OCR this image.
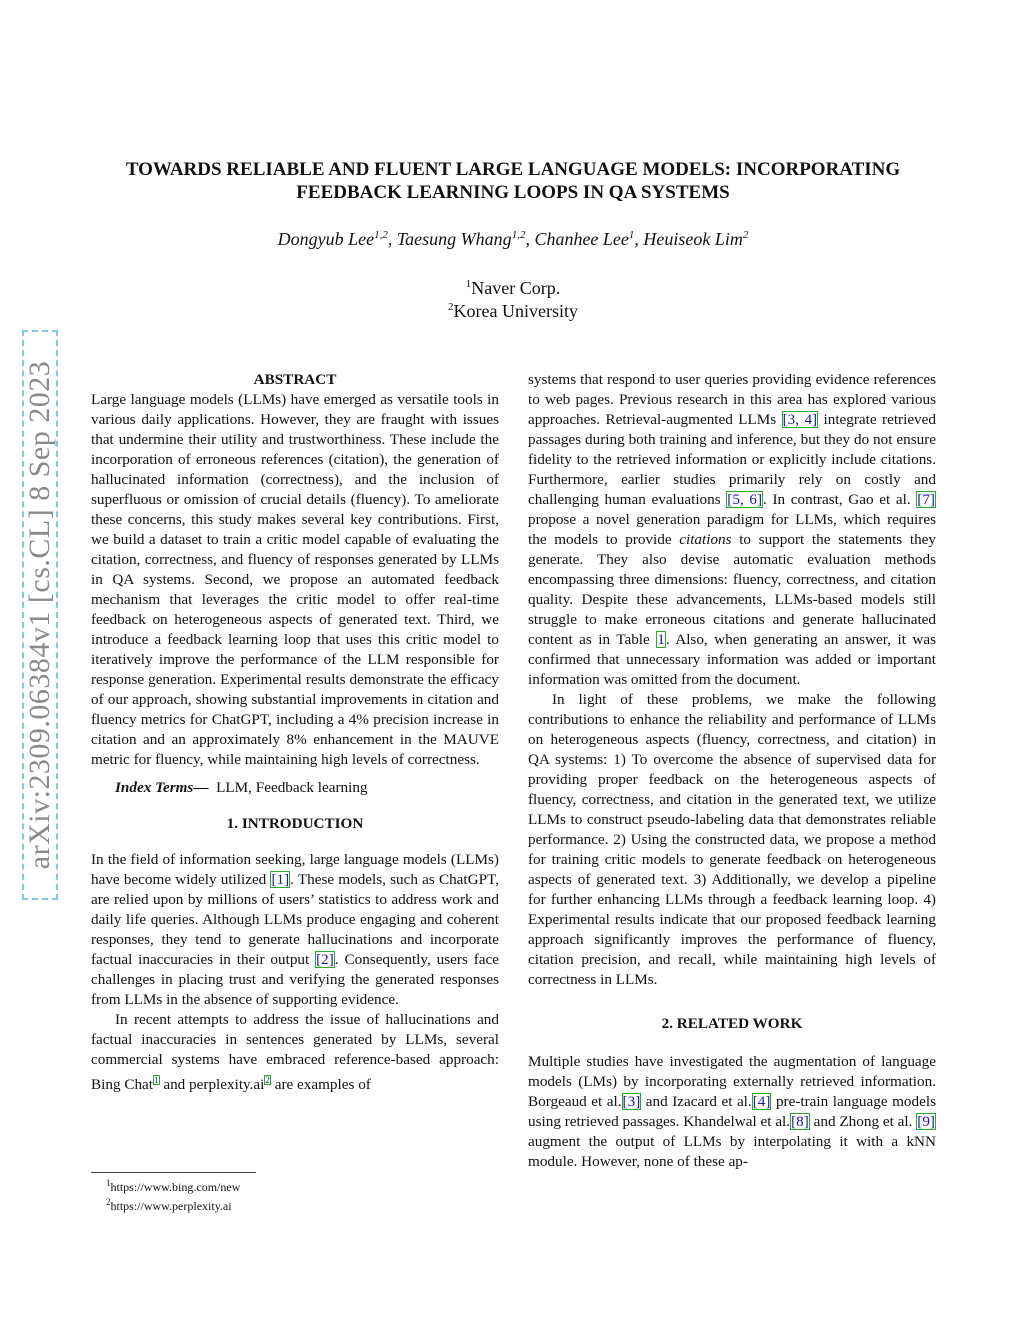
TOWARDS RELIABLE AND FLUENT LARGE LANGUAGE MODELS: INCORPORATING FEEDBACK LEARNING LOOPS IN QA SYSTEMS
Dongyub Lee$^{1,2}$, Taesung Whang$^{1,2}$, Chanhee Lee$^1$, Heuiseok Lim$^2$
$^1$Naver Corp.
$^2$Korea University
arXiv:2309.06384v1 [cs.CL] 8 Sep 2023	ABSTRACT

Large language models (LLMs) have emerged as versatile tools in various daily applications. However, they are fraught with issues that undermine their utility and trustworthiness. These include the incorporation of erroneous references (citation), the generation of hallucinated information (correctness), and the inclusion of superfluous or omission of crucial details (fluency). To ameliorate these concerns, this study makes several key contributions. First, we build a dataset to train a critic model capable of evaluating the citation, correctness, and fluency of responses generated by LLMs in QA systems. Second, we propose an automated feedback mechanism that leverages the critic model to offer real-time feedback on heterogeneous aspects of generated text. Third, we introduce a feedback learning loop that uses this critic model to iteratively improve the performance of the LLM responsible for response generation. Experimental results demonstrate the efficacy of our approach, showing substantial improvements in citation and fluency metrics for ChatGPT, including a 4% precision increase in citation and an approximately 8% enhancement in the MAUVE metric for fluency, while maintaining high levels of correctness.

Index Terms— LLM, Feedback learning

1. INTRODUCTION

In the field of information seeking, large language models (LLMs) have become widely utilized [1]. These models, such as ChatGPT, are relied upon by millions of users’ statistics to address work and daily life queries. Although LLMs produce engaging and coherent responses, they tend to generate hallucinations and incorporate factual inaccuracies in their output [2]. Consequently, users face challenges in placing trust and verifying the generated responses from LLMs in the absence of supporting evidence.

In recent attempts to address the issue of hallucinations and factual inaccuracies in sentences generated by LLMs, several commercial systems have embraced reference-based approach: Bing Chat$^1$ and perplexity.ai$^2$ are examples of

$^1$https://www.bing.com/new
$^2$https://www.perplexity.ai

systems that respond to user queries providing evidence references to web pages. Previous research in this area has explored various approaches. Retrieval-augmented LLMs [3, 4] integrate retrieved passages during both training and inference, but they do not ensure fidelity to the retrieved information or explicitly include citations. Furthermore, earlier studies primarily rely on costly and challenging human evaluations [5, 6]. In contrast, Gao et al. [7] propose a novel generation paradigm for LLMs, which requires the models to provide citations to support the statements they generate. They also devise automatic evaluation methods encompassing three dimensions: fluency, correctness, and citation quality. Despite these advancements, LLMs-based models still struggle to make erroneous citations and generate hallucinated content as in Table 1. Also, when generating an answer, it was confirmed that unnecessary information was added or important information was omitted from the document.

In light of these problems, we make the following contributions to enhance the reliability and performance of LLMs on heterogeneous aspects (fluency, correctness, and citation) in QA systems: 1) To overcome the absence of supervised data for providing proper feedback on the heterogeneous aspects of fluency, correctness, and citation in the generated text, we utilize LLMs to construct pseudo-labeling data that demonstrates reliable performance. 2) Using the constructed data, we propose a method for training critic models to generate feedback on heterogeneous aspects of generated text. 3) Additionally, we develop a pipeline for further enhancing LLMs through a feedback learning loop. 4) Experimental results indicate that our proposed feedback learning approach significantly improves the performance of fluency, citation precision, and recall, while maintaining high levels of correctness in LLMs.

2. RELATED WORK

Multiple studies have investigated the augmentation of language models (LMs) by incorporating externally retrieved information. Borgeaud et al.[3] and Izacard et al.[4] pre-train language models using retrieved passages. Khandelwal et al.[8] and Zhong et al. [9] augment the output of LLMs by interpolating it with a kNN module. However, none of these ap-
